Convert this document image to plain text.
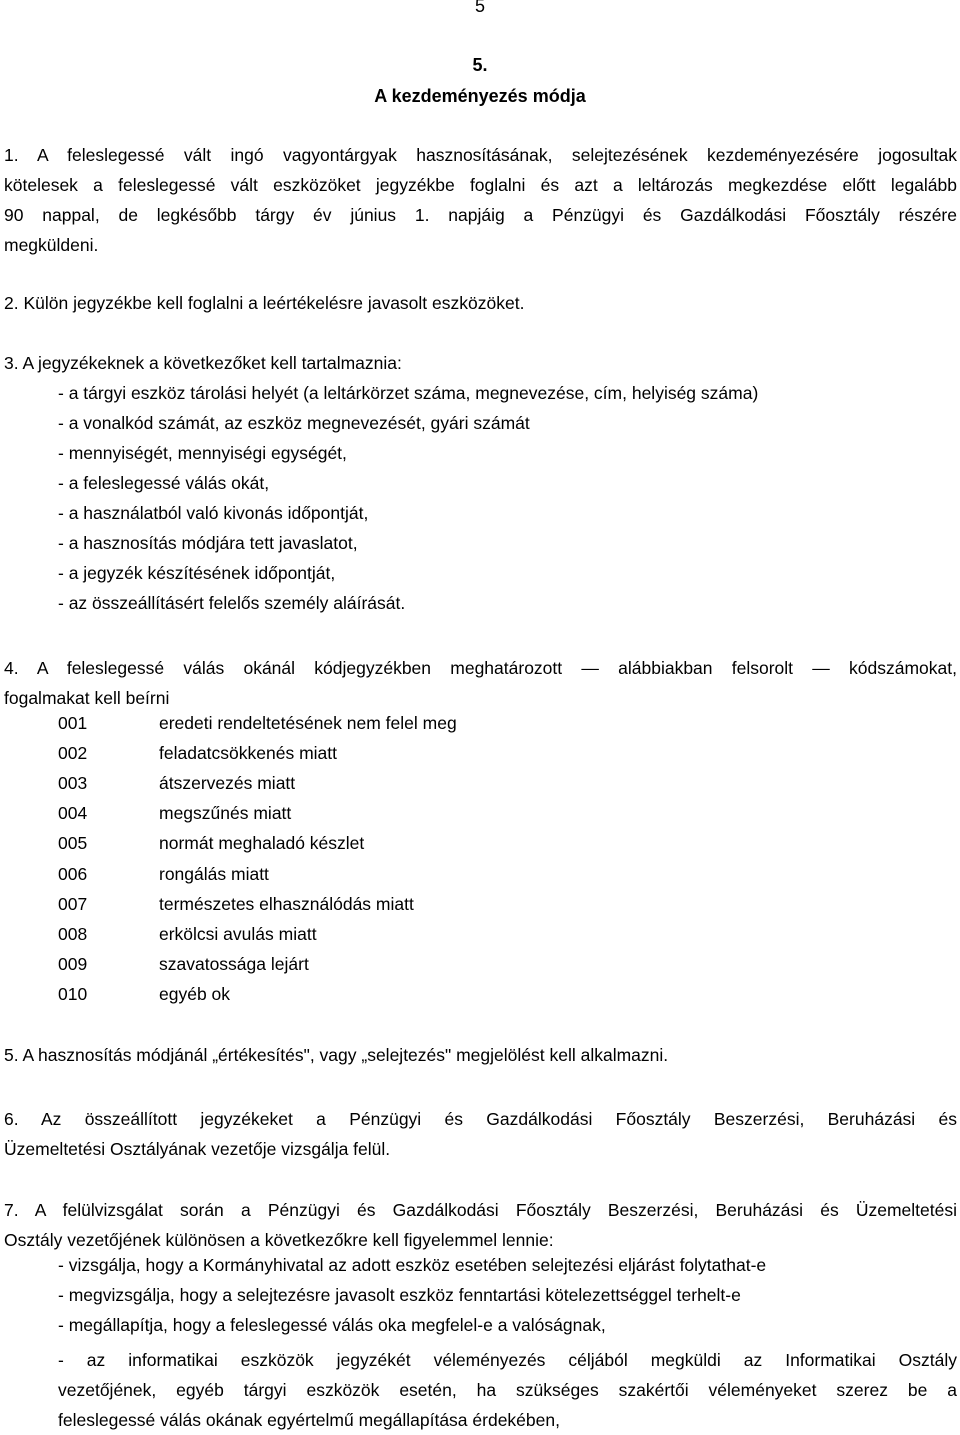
5
5.
A kezdeményezés módja
1. A feleslegessé vált ingó vagyontárgyak hasznosításának, selejtezésének kezdeményezésére jogosultak
kötelesek a feleslegessé vált eszközöket jegyzékbe foglalni és azt a leltározás megkezdése előtt legalább
90 nappal, de legkésőbb tárgy év június 1. napjáig a Pénzügyi és Gazdálkodási Főosztály részére
megküldeni.
2. Külön jegyzékbe kell foglalni a leértékelésre javasolt eszközöket.
3. A jegyzékeknek a következőket kell tartalmaznia:
- a tárgyi eszköz tárolási helyét (a leltárkörzet száma, megnevezése, cím, helyiség száma)
- a vonalkód számát, az eszköz megnevezését, gyári számát
- mennyiségét, mennyiségi egységét,
- a feleslegessé válás okát,
- a használatból való kivonás időpontját,
- a hasznosítás módjára tett javaslatot,
- a jegyzék készítésének időpontját,
- az összeállításért felelős személy aláírását.
4. A feleslegessé válás okánál kódjegyzékben meghatározott — alábbiakban felsorolt — kódszámokat,
fogalmakat kell beírni
001	eredeti rendeltetésének nem felel meg
002	feladatcsökkenés miatt
003	átszervezés miatt
004	megszűnés miatt
005	normát meghaladó készlet
006	rongálás miatt
007	természetes elhasználódás miatt
008	erkölcsi avulás miatt
009	szavatossága lejárt
010	egyéb ok
5. A hasznosítás módjánál „értékesítés", vagy „selejtezés" megjelölést kell alkalmazni.
6. Az összeállított jegyzékeket a Pénzügyi és Gazdálkodási Főosztály Beszerzési, Beruházási és
Üzemeltetési Osztályának vezetője vizsgálja felül.
7. A felülvizsgálat során a Pénzügyi és Gazdálkodási Főosztály Beszerzési, Beruházási és Üzemeltetési
Osztály vezetőjének különösen a következőkre kell figyelemmel lennie:
- vizsgálja, hogy a Kormányhivatal az adott eszköz esetében selejtezési eljárást folytathat-e
- megvizsgálja, hogy a selejtezésre javasolt eszköz fenntartási kötelezettséggel terhelt-e
- megállapítja, hogy a feleslegessé válás oka megfelel-e a valóságnak,
- az informatikai eszközök jegyzékét véleményezés céljából megküldi az Informatikai Osztály
vezetőjének, egyéb tárgyi eszközök esetén, ha szükséges szakértői véleményeket szerez be a
feleslegessé válás okának egyértelmű megállapítása érdekében,
